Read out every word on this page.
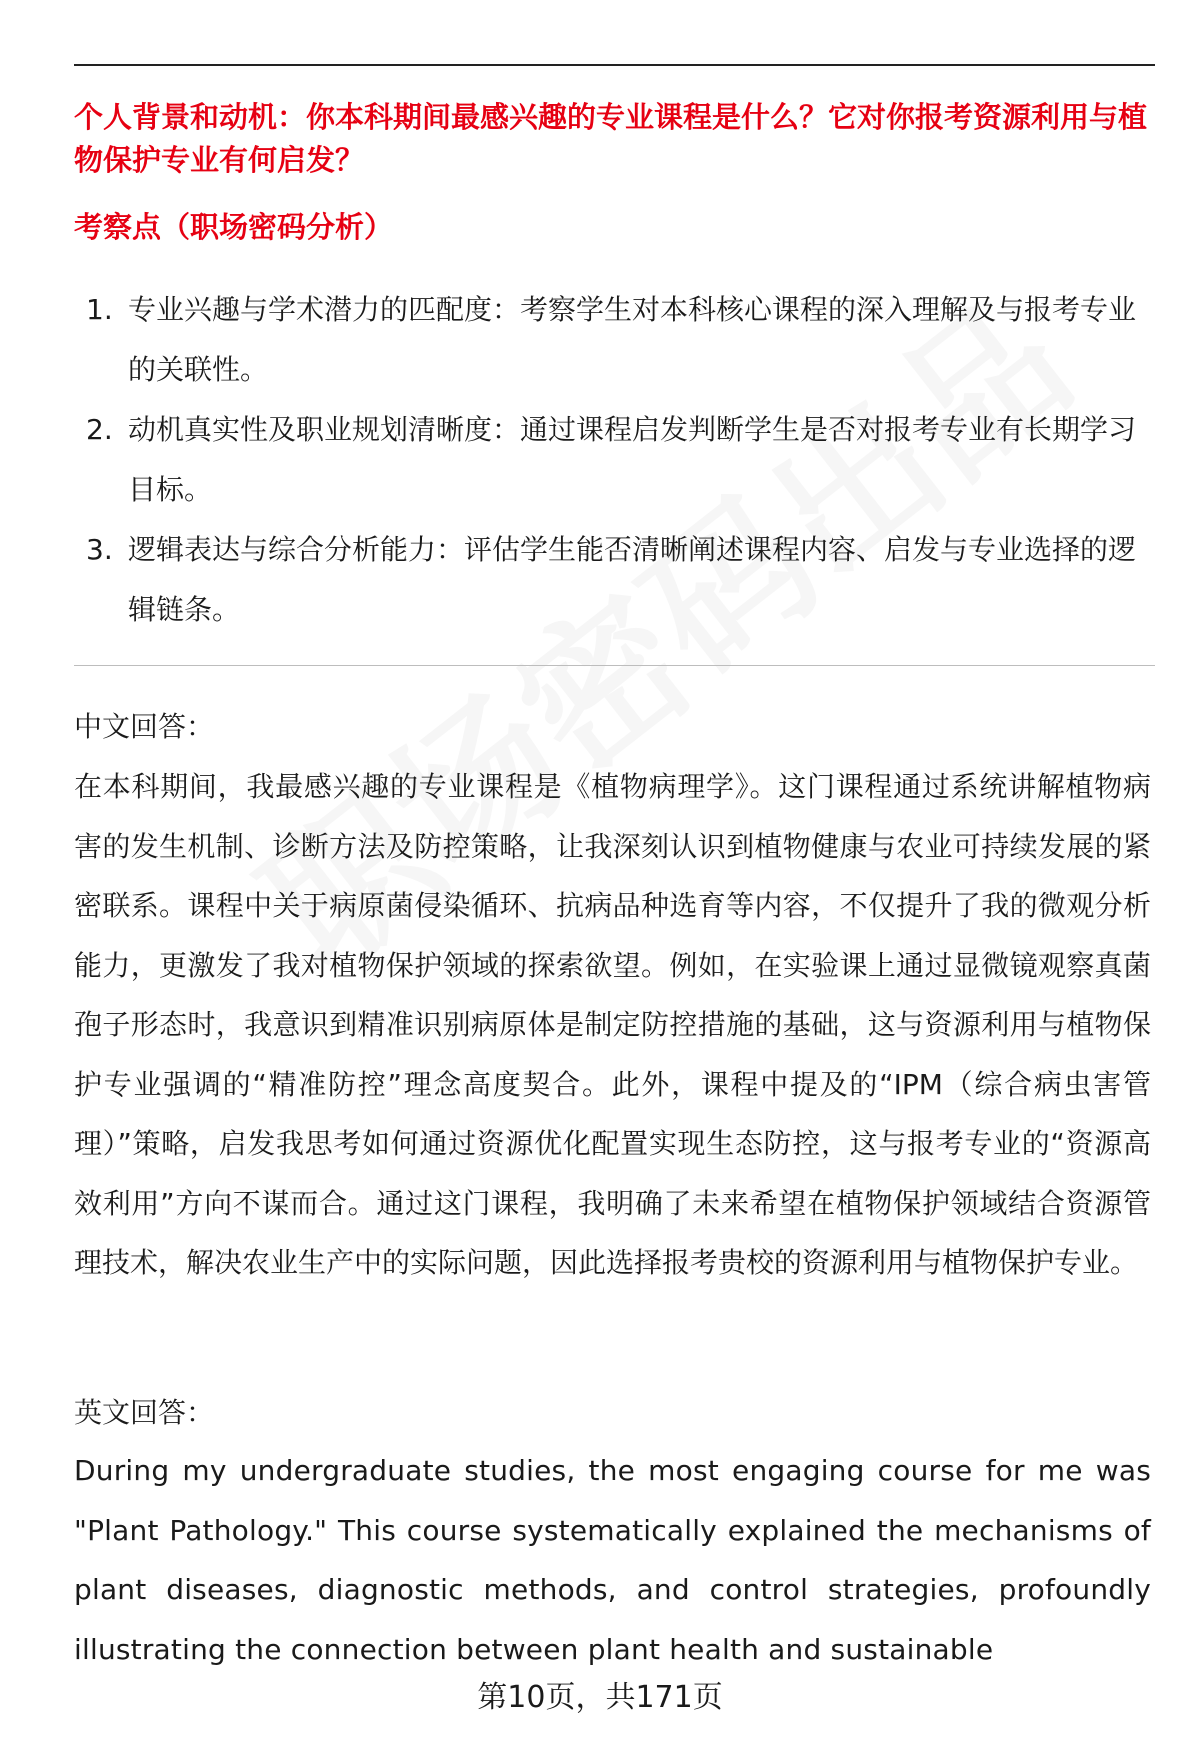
个人背景和动机：你本科期间最感兴趣的专业课程是什么？它对你报考资源利用与植物保护专业有何启发？
考察点（职场密码分析）
1. 专业兴趣与学术潜力的匹配度：考察学生对本科核心课程的深入理解及与报考专业的关联性。
2. 动机真实性及职业规划清晰度：通过课程启发判断学生是否对报考专业有长期学习目标。
3. 逻辑表达与综合分析能力：评估学生能否清晰阐述课程内容、启发与专业选择的逻辑链条。
中文回答：

在本科期间，我最感兴趣的专业课程是《植物病理学》。这门课程通过系统讲解植物病害的发生机制、诊断方法及防控策略，让我深刻认识到植物健康与农业可持续发展的紧密联系。课程中关于病原菌侵染循环、抗病品种选育等内容，不仅提升了我的微观分析能力，更激发了我对植物保护领域的探索欲望。例如，在实验课上通过显微镜观察真菌孢子形态时，我意识到精准识别病原体是制定防控措施的基础，这与资源利用与植物保护专业强调的“精准防控”理念高度契合。此外，课程中提及的“IPM（综合病虫害管理）”策略，启发我思考如何通过资源优化配置实现生态防控，这与报考专业的“资源高效利用”方向不谋而合。通过这门课程，我明确了未来希望在植物保护领域结合资源管理技术，解决农业生产中的实际问题，因此选择报考贵校的资源利用与植物保护专业。

英文回答：

During my undergraduate studies, the most engaging course for me was "Plant Pathology." This course systematically explained the mechanisms of plant diseases, diagnostic methods, and control strategies, profoundly illustrating the connection between plant health and sustainable

第10页，共171页
